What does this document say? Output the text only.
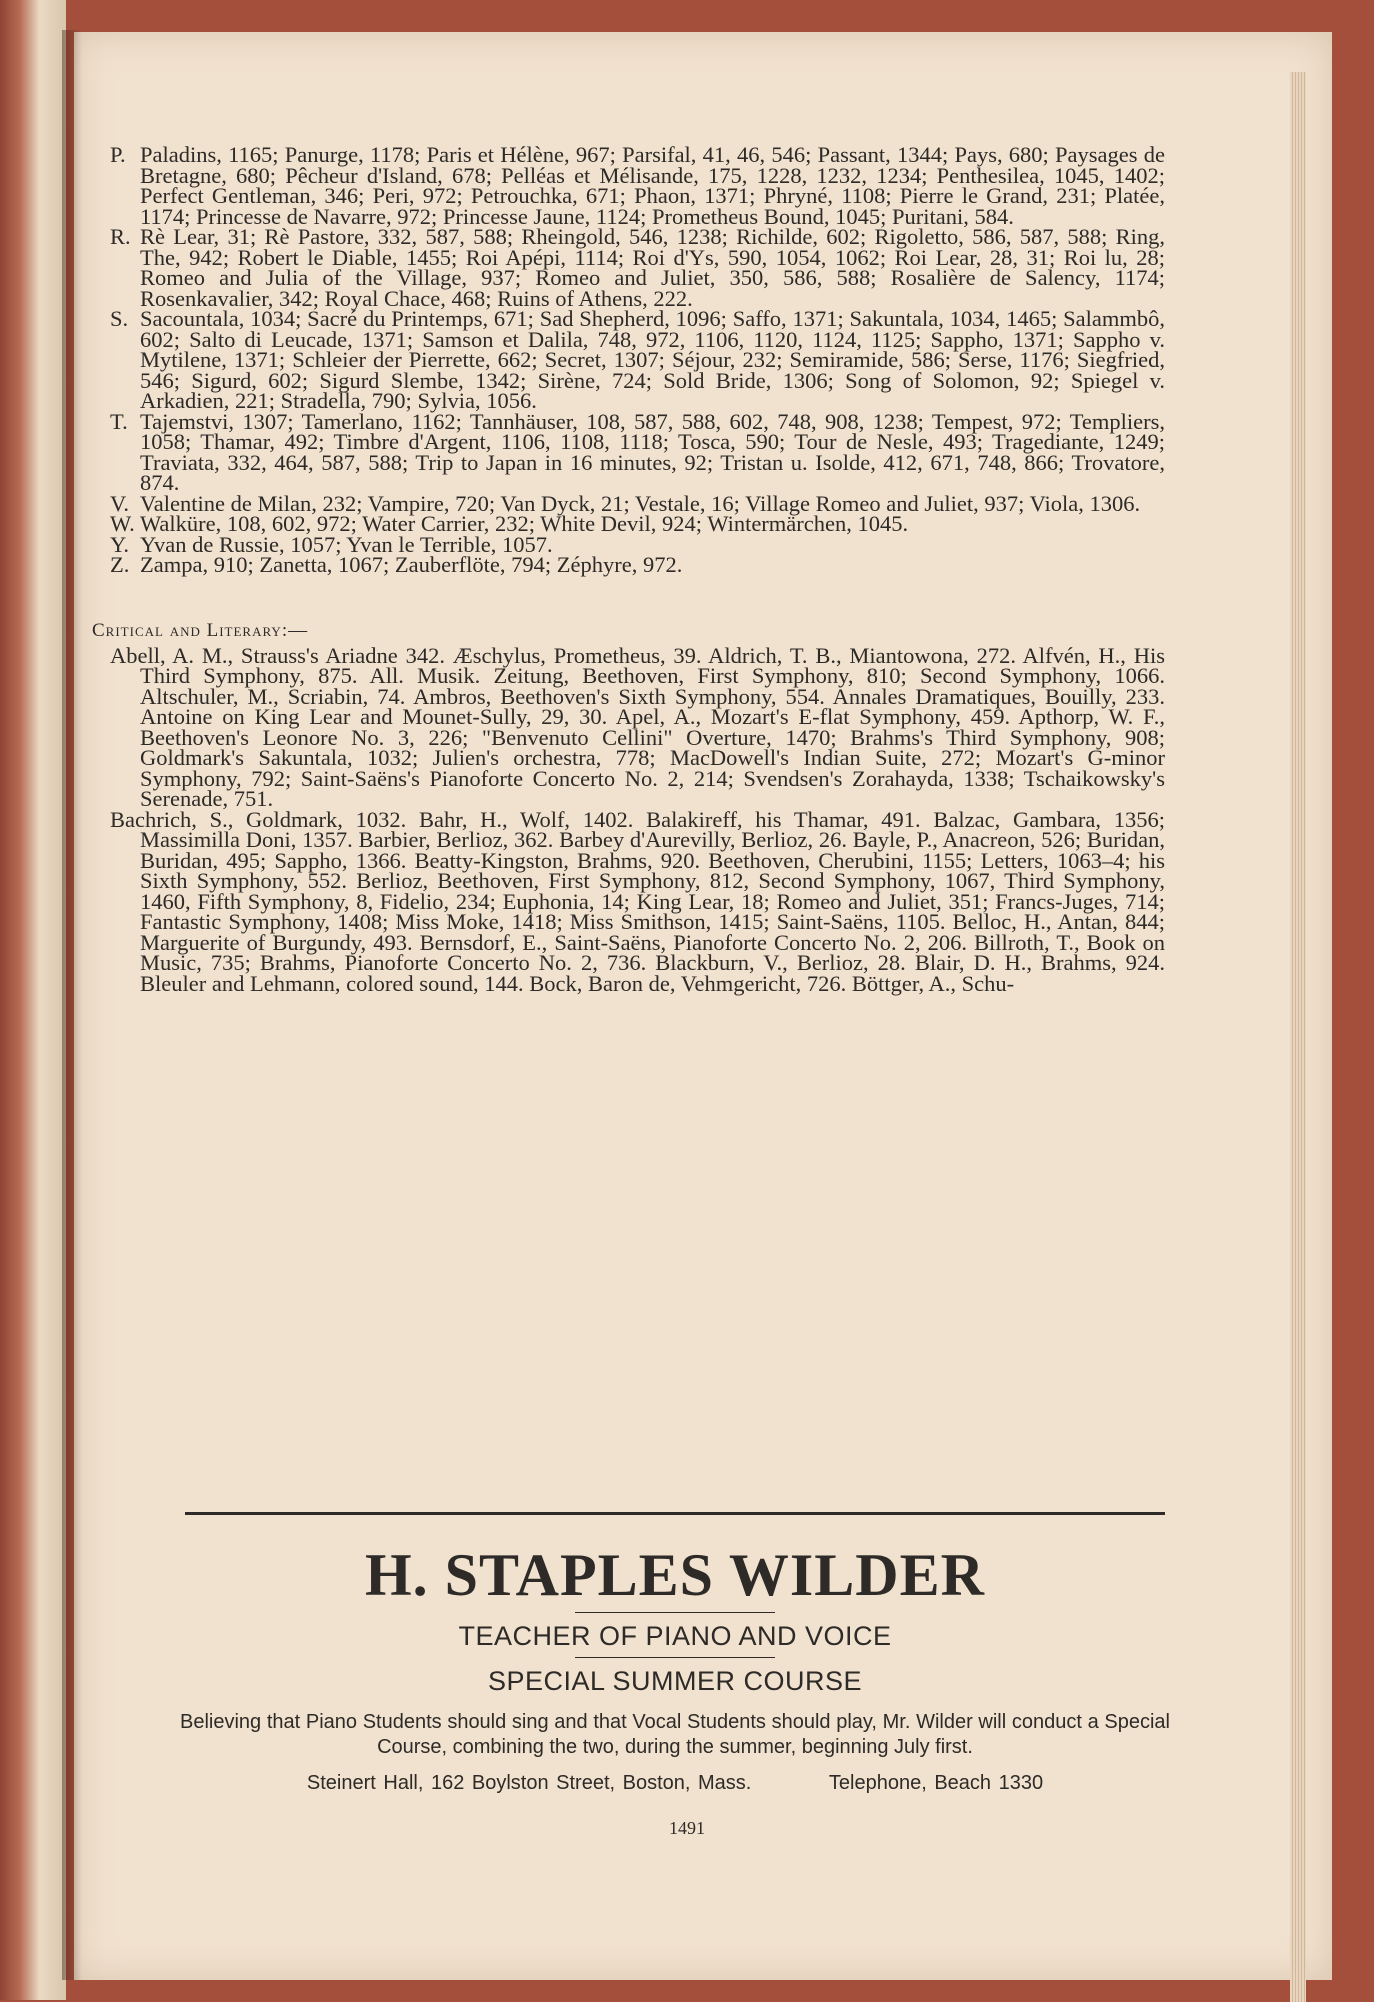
P. Paladins, 1165; Panurge, 1178; Paris et Hélène, 967; Parsifal, 41, 46, 546; Passant, 1344; Pays, 680; Paysages de Bretagne, 680; Pêcheur d'Island, 678; Pelléas et Mélisande, 175, 1228, 1232, 1234; Penthesilea, 1045, 1402; Perfect Gentleman, 346; Peri, 972; Petrouchka, 671; Phaon, 1371; Phryné, 1108; Pierre le Grand, 231; Platée, 1174; Princesse de Navarre, 972; Princesse Jaune, 1124; Prometheus Bound, 1045; Puritani, 584.

R. Rè Lear, 31; Rè Pastore, 332, 587, 588; Rheingold, 546, 1238; Richilde, 602; Rigoletto, 586, 587, 588; Ring, The, 942; Robert le Diable, 1455; Roi Apépi, 1114; Roi d'Ys, 590, 1054, 1062; Roi Lear, 28, 31; Roi lu, 28; Romeo and Julia of the Village, 937; Romeo and Juliet, 350, 586, 588; Rosalière de Salency, 1174; Rosenkavalier, 342; Royal Chace, 468; Ruins of Athens, 222.

S. Sacountala, 1034; Sacré du Printemps, 671; Sad Shepherd, 1096; Saffo, 1371; Sakuntala, 1034, 1465; Salammbô, 602; Salto di Leucade, 1371; Samson et Dalila, 748, 972, 1106, 1120, 1124, 1125; Sappho, 1371; Sappho v. Mytilene, 1371; Schleier der Pierrette, 662; Secret, 1307; Séjour, 232; Semiramide, 586; Serse, 1176; Siegfried, 546; Sigurd, 602; Sigurd Slembe, 1342; Sirène, 724; Sold Bride, 1306; Song of Solomon, 92; Spiegel v. Arkadien, 221; Stradella, 790; Sylvia, 1056.

T. Tajemstvi, 1307; Tamerlano, 1162; Tannhäuser, 108, 587, 588, 602, 748, 908, 1238; Tempest, 972; Templiers, 1058; Thamar, 492; Timbre d'Argent, 1106, 1108, 1118; Tosca, 590; Tour de Nesle, 493; Tragediante, 1249; Traviata, 332, 464, 587, 588; Trip to Japan in 16 minutes, 92; Tristan u. Isolde, 412, 671, 748, 866; Trovatore, 874.

V. Valentine de Milan, 232; Vampire, 720; Van Dyck, 21; Vestale, 16; Village Romeo and Juliet, 937; Viola, 1306.

W. Walküre, 108, 602, 972; Water Carrier, 232; White Devil, 924; Wintermärchen, 1045.

Y. Yvan de Russie, 1057; Yvan le Terrible, 1057.

Z. Zampa, 910; Zanetta, 1067; Zauberflöte, 794; Zéphyre, 972.

Critical and Literary:—

Abell, A. M., Strauss's Ariadne 342. Æschylus, Prometheus, 39. Aldrich, T. B., Miantowona, 272. Alfvén, H., His Third Symphony, 875. All. Musik. Zeitung, Beethoven, First Symphony, 810; Second Symphony, 1066. Altschuler, M., Scriabin, 74. Ambros, Beethoven's Sixth Symphony, 554. Annales Dramatiques, Bouilly, 233. Antoine on King Lear and Mounet-Sully, 29, 30. Apel, A., Mozart's E-flat Symphony, 459. Apthorp, W. F., Beethoven's Leonore No. 3, 226; "Benvenuto Cellini" Overture, 1470; Brahms's Third Symphony, 908; Goldmark's Sakuntala, 1032; Julien's orchestra, 778; MacDowell's Indian Suite, 272; Mozart's G-minor Symphony, 792; Saint-Saëns's Pianoforte Concerto No. 2, 214; Svendsen's Zorahayda, 1338; Tschaikowsky's Serenade, 751.

Bachrich, S., Goldmark, 1032. Bahr, H., Wolf, 1402. Balakireff, his Thamar, 491. Balzac, Gambara, 1356; Massimilla Doni, 1357. Barbier, Berlioz, 362. Barbey d'Aurevilly, Berlioz, 26. Bayle, P., Anacreon, 526; Buridan, Buridan, 495; Sappho, 1366. Beatty-Kingston, Brahms, 920. Beethoven, Cherubini, 1155; Letters, 1063–4; his Sixth Symphony, 552. Berlioz, Beethoven, First Symphony, 812, Second Symphony, 1067, Third Symphony, 1460, Fifth Symphony, 8, Fidelio, 234; Euphonia, 14; King Lear, 18; Romeo and Juliet, 351; Francs-Juges, 714; Fantastic Symphony, 1408; Miss Moke, 1418; Miss Smithson, 1415; Saint-Saëns, 1105. Belloc, H., Antan, 844; Marguerite of Burgundy, 493. Bernsdorf, E., Saint-Saëns, Pianoforte Concerto No. 2, 206. Billroth, T., Book on Music, 735; Brahms, Pianoforte Concerto No. 2, 736. Blackburn, V., Berlioz, 28. Blair, D. H., Brahms, 924. Bleuler and Lehmann, colored sound, 144. Bock, Baron de, Vehmgericht, 726. Böttger, A., Schu-

H. STAPLES WILDER

TEACHER OF PIANO AND VOICE

SPECIAL SUMMER COURSE

Believing that Piano Students should sing and that Vocal Students should play, Mr. Wilder will conduct a Special Course, combining the two, during the summer, beginning July first.

Steinert Hall, 162 Boylston Street, Boston, Mass.	Telephone, Beach 1330
1491
